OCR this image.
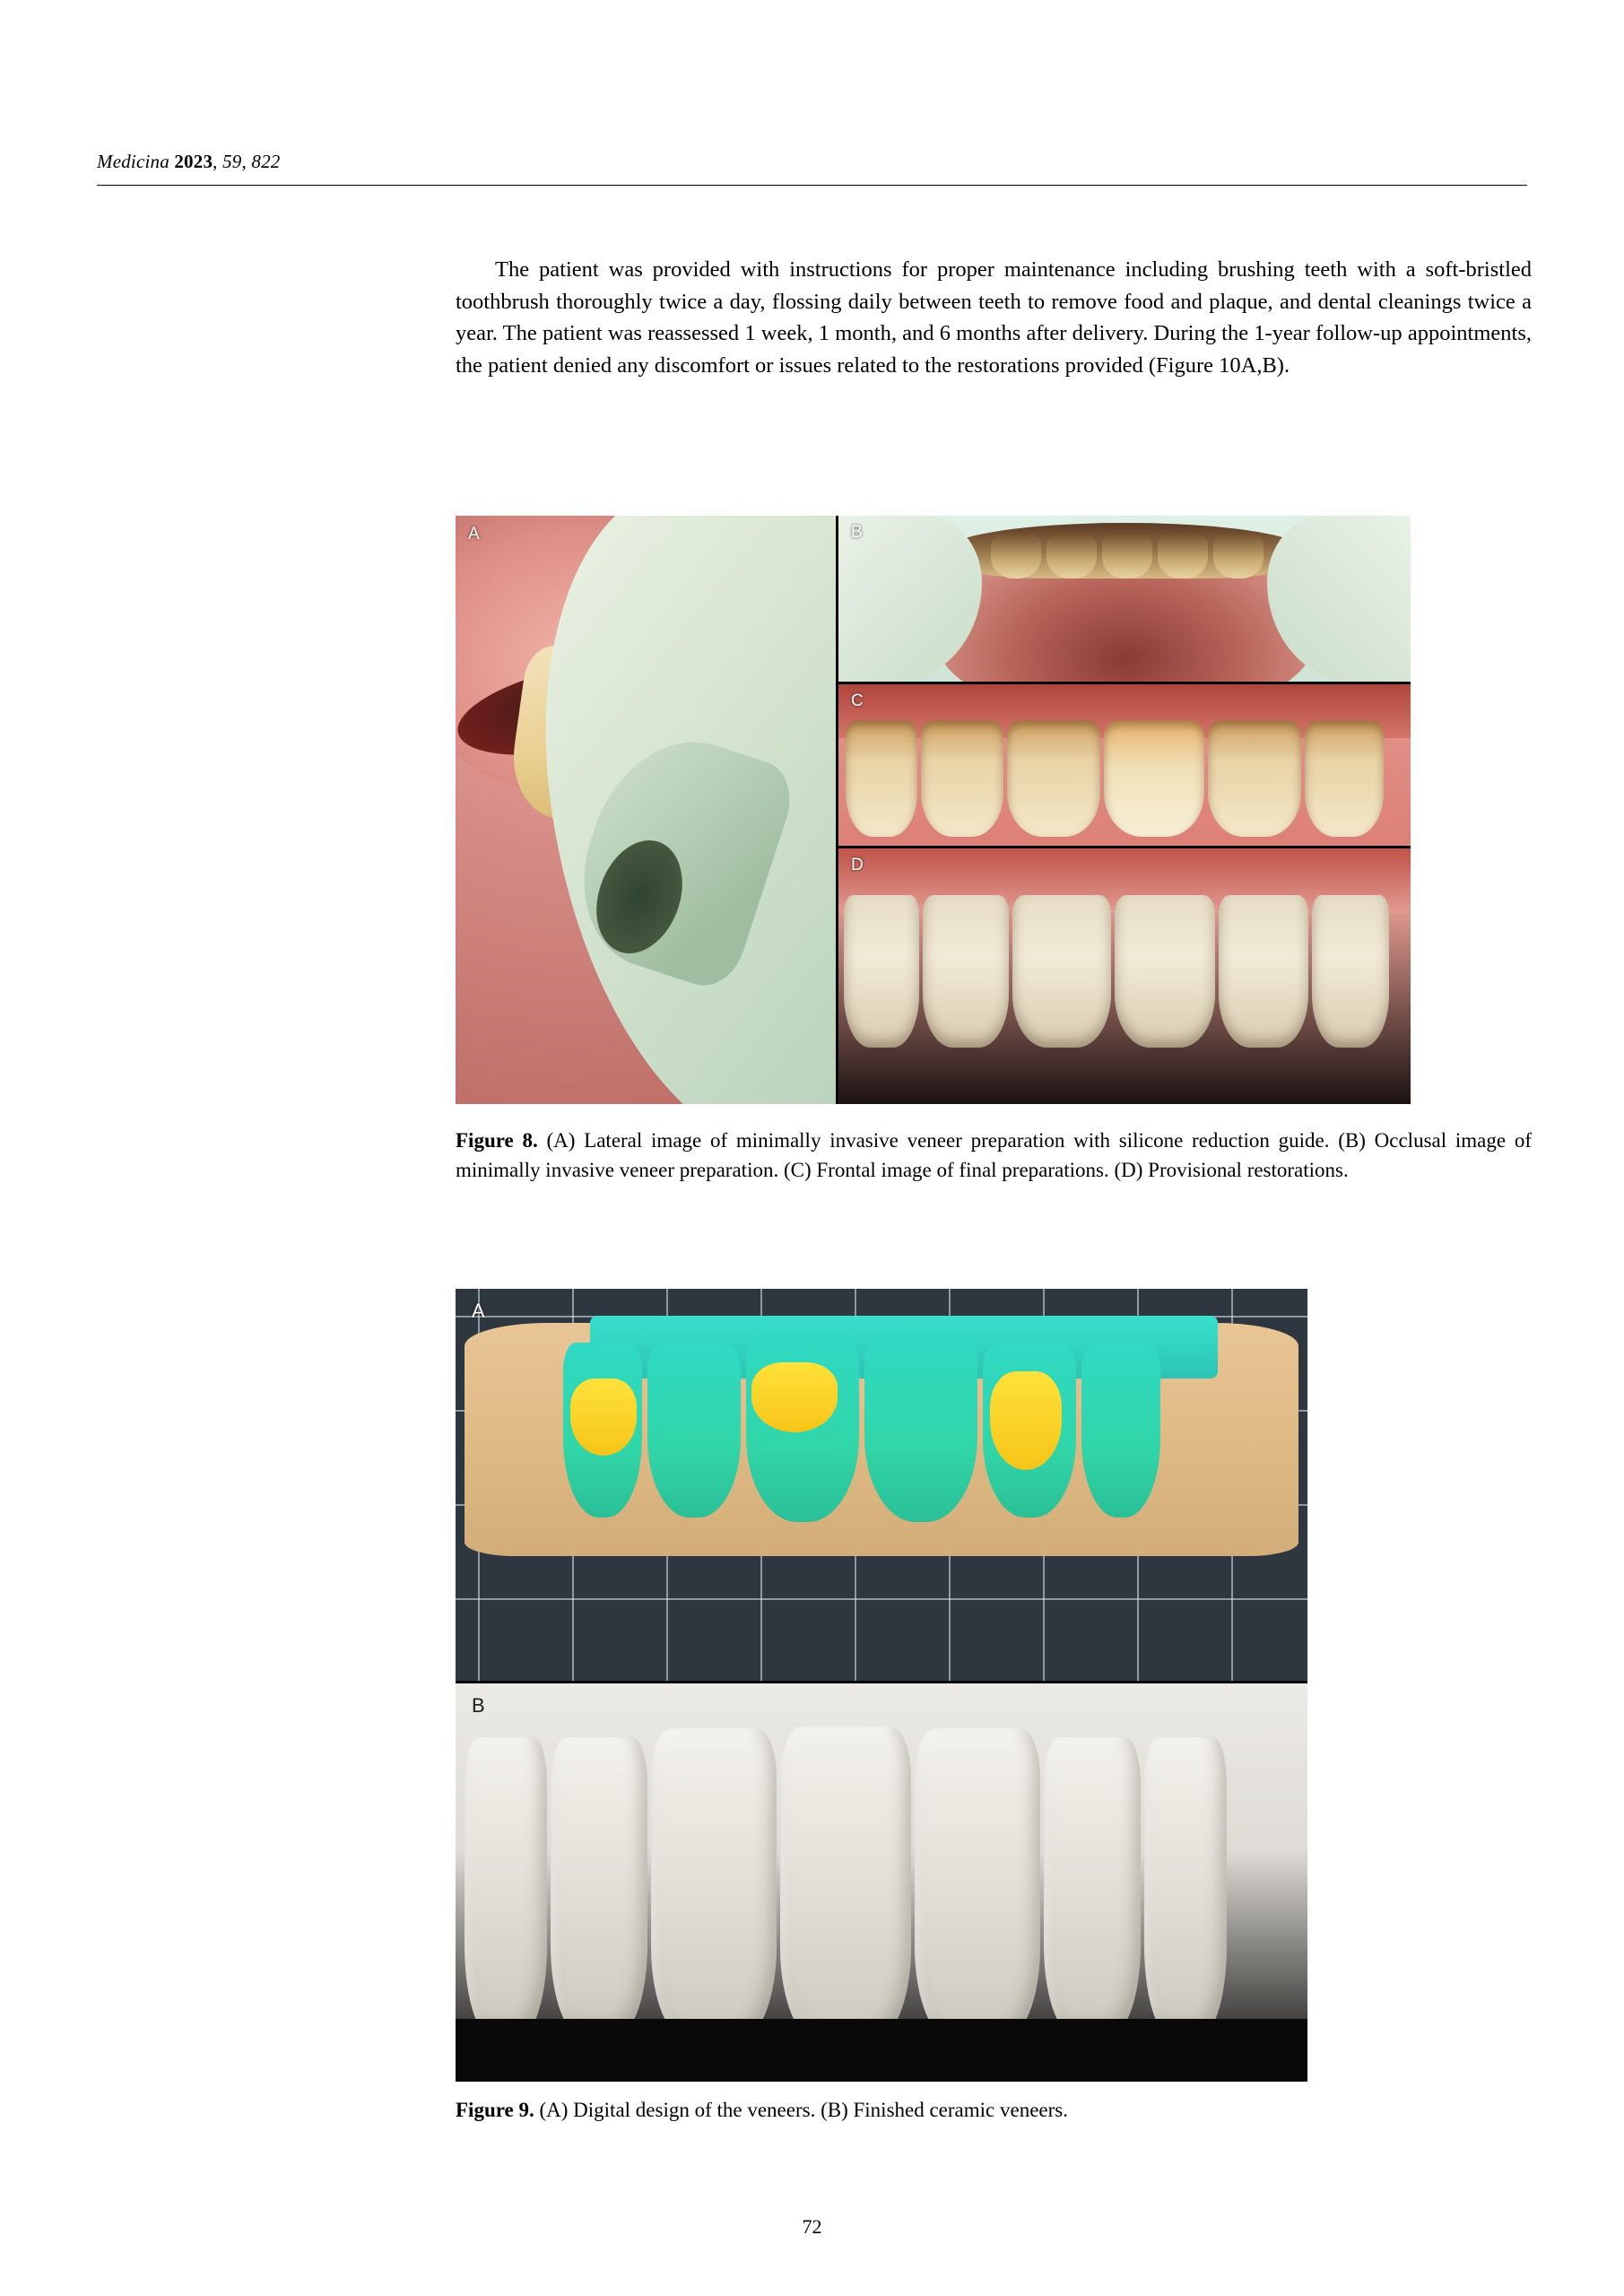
Medicina 2023, 59, 822
The patient was provided with instructions for proper maintenance including brushing teeth with a soft-bristled toothbrush thoroughly twice a day, flossing daily between teeth to remove food and plaque, and dental cleanings twice a year. The patient was reassessed 1 week, 1 month, and 6 months after delivery. During the 1-year follow-up appointments, the patient denied any discomfort or issues related to the restorations provided (Figure 10A,B).
A	B
C
D
Figure 8. (A) Lateral image of minimally invasive veneer preparation with silicone reduction guide. (B) Occlusal image of minimally invasive veneer preparation. (C) Frontal image of final preparations. (D) Provisional restorations.
A
B
Figure 9. (A) Digital design of the veneers. (B) Finished ceramic veneers.
72
